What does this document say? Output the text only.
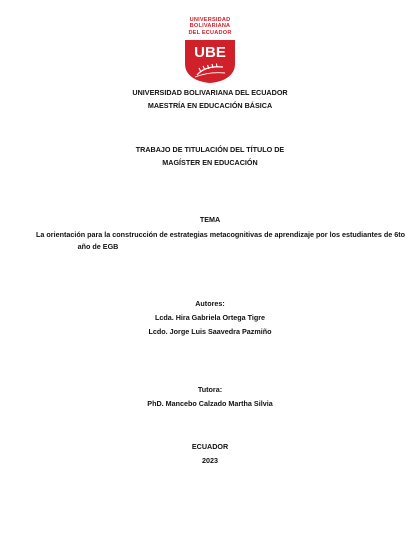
UNIVERSIDAD
BOLIVARIANA
DEL ECUADOR
UBE
UNIVERSIDAD BOLIVARIANA DEL ECUADOR
MAESTRÍA EN EDUCACIÓN BÁSICA
TRABAJO DE TITULACIÓN DEL TÍTULO DE
MAGÍSTER EN EDUCACIÓN
TEMA
La orientación para la construcción de estrategias metacognitivas de aprendizaje por los estudiantes de 6to
año de EGB
Autores:
Lcda. Hira Gabriela Ortega Tigre
Lcdo. Jorge Luis Saavedra Pazmiño
Tutora:
PhD. Mancebo Calzado Martha Silvia
ECUADOR
2023
